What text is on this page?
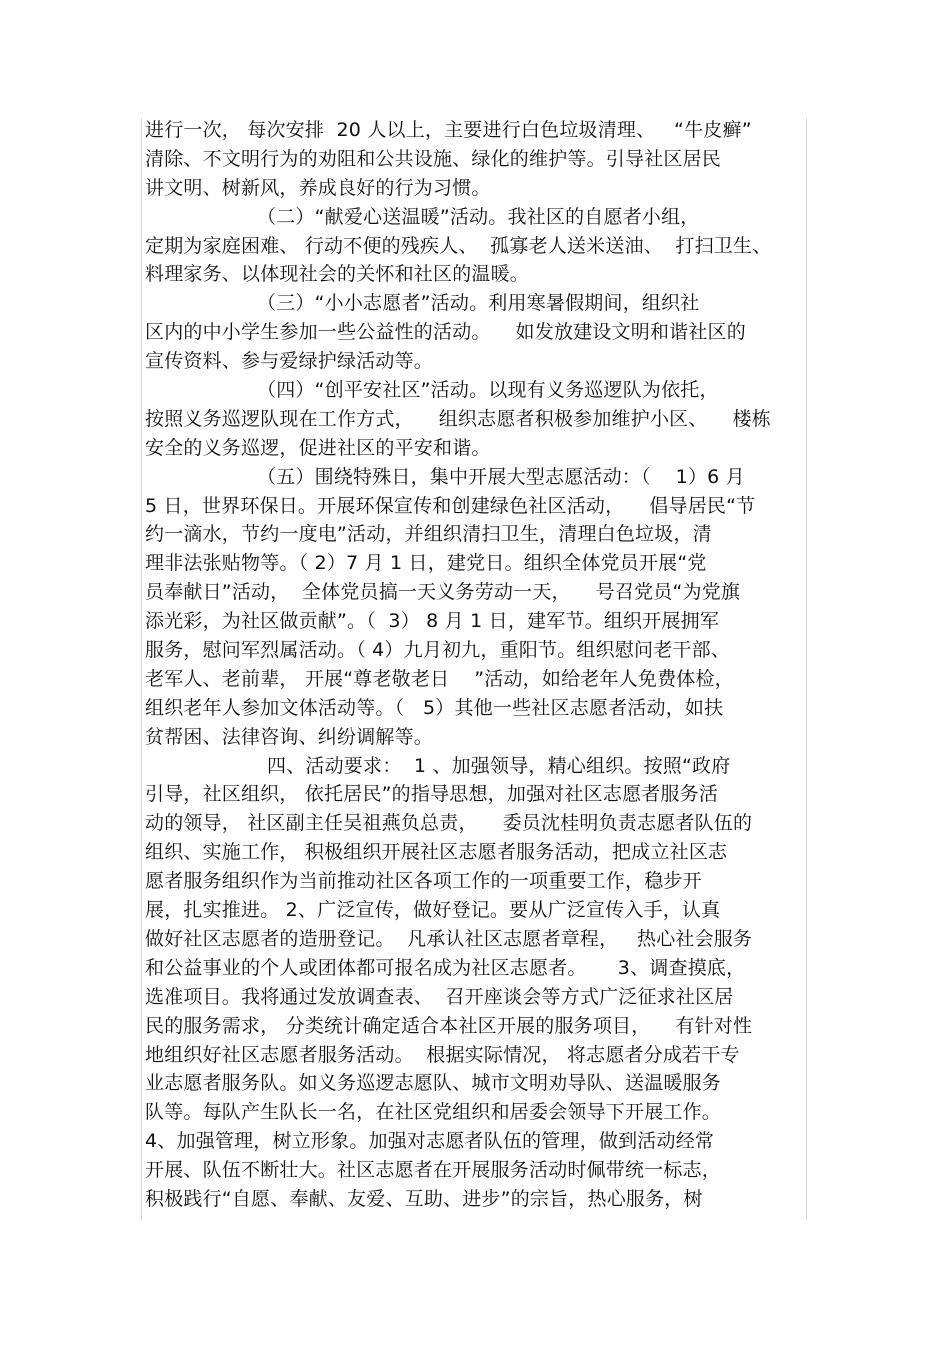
进行一次， 每次安排  20 人以上，主要进行白色垃圾清理、   “牛皮癣”
清除、不文明行为的劝阻和公共设施、绿化的维护等。引导社区居民
讲文明、树新风，养成良好的行为习惯。
（二）“献爱心送温暖”活动。我社区的自愿者小组，
定期为家庭困难、 行动不便的残疾人、  孤寡老人送米送油、  打扫卫生、
料理家务、以体现社会的关怀和社区的温暖。
（三）“小小志愿者”活动。利用寒暑假期间，组织社
区内的中小学生参加一些公益性的活动。    如发放建设文明和谐社区的
宣传资料、参与爱绿护绿活动等。
（四）“创平安社区”活动。以现有义务巡逻队为依托，
按照义务巡逻队现在工作方式，    组织志愿者积极参加维护小区、    楼栋
安全的义务巡逻，促进社区的平安和谐。
（五）围绕特殊日，集中开展大型志愿活动：（    1）6 月
5 日，世界环保日。开展环保宣传和创建绿色社区活动，    倡导居民“节
约一滴水，节约一度电”活动，并组织清扫卫生，清理白色垃圾，清
理非法张贴物等。（ 2）7 月 1 日，建党日。组织全体党员开展“党
员奉献日”活动，  全体党员搞一天义务劳动一天，    号召党员“为党旗
添光彩，为社区做贡献”。（  3） 8 月 1 日，建军节。组织开展拥军
服务，慰问军烈属活动。（ 4）九月初九，重阳节。组织慰问老干部、
老军人、老前辈， 开展“尊老敬老日    ”活动，如给老年人免费体检，
组织老年人参加文体活动等。（   5）其他一些社区志愿者活动，如扶
贫帮困、法律咨询、纠纷调解等。
四、活动要求：  1 、加强领导，精心组织。按照“政府
引导，社区组织， 依托居民”的指导思想，加强对社区志愿者服务活
动的领导， 社区副主任吴祖燕负总责，    委员沈桂明负责志愿者队伍的
组织、实施工作， 积极组织开展社区志愿者服务活动，把成立社区志
愿者服务组织作为当前推动社区各项工作的一项重要工作，稳步开
展，扎实推进。 2、广泛宣传，做好登记。要从广泛宣传入手，认真
做好社区志愿者的造册登记。  凡承认社区志愿者章程，   热心社会服务
和公益事业的个人或团体都可报名成为社区志愿者。     3、调查摸底，
选准项目。我将通过发放调查表、  召开座谈会等方式广泛征求社区居
民的服务需求， 分类统计确定适合本社区开展的服务项目，    有针对性
地组织好社区志愿者服务活动。  根据实际情况， 将志愿者分成若干专
业志愿者服务队。如义务巡逻志愿队、城市文明劝导队、送温暖服务
队等。每队产生队长一名，在社区党组织和居委会领导下开展工作。
4、加强管理，树立形象。加强对志愿者队伍的管理，做到活动经常
开展、队伍不断壮大。社区志愿者在开展服务活动时佩带统一标志，
积极践行“自愿、奉献、友爱、互助、进步”的宗旨，热心服务，树
